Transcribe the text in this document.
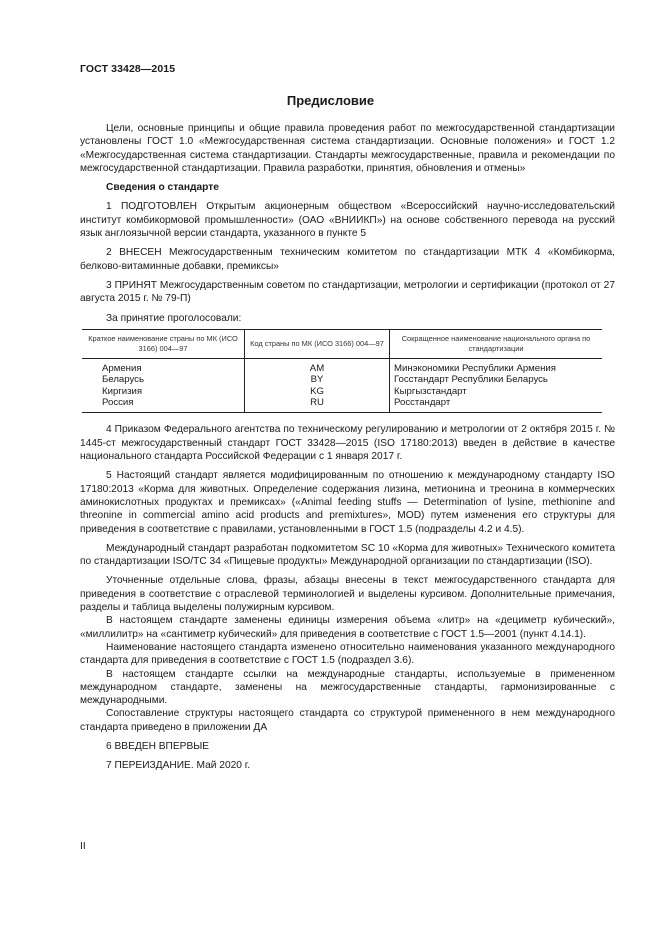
ГОСТ 33428—2015
Предисловие

Цели, основные принципы и общие правила проведения работ по межгосударственной стандартизации установлены ГОСТ 1.0 «Межгосударственная система стандартизации. Основные положения» и ГОСТ 1.2 «Межгосударственная система стандартизации. Стандарты межгосударственные, правила и рекомендации по межгосударственной стандартизации. Правила разработки, принятия, обновления и отмены»

Сведения о стандарте

1 ПОДГОТОВЛЕН Открытым акционерным обществом «Всероссийский научно-исследовательский институт комбикормовой промышленности» (ОАО «ВНИИКП») на основе собственного перевода на русский язык англоязычной версии стандарта, указанного в пункте 5

2 ВНЕСЕН Межгосударственным техническим комитетом по стандартизации МТК 4 «Комбикорма, белково-витаминные добавки, премиксы»

3 ПРИНЯТ Межгосударственным советом по стандартизации, метрологии и сертификации (протокол от 27 августа 2015 г. № 79-П)

За принятие проголосовали:

Краткое наименование страны по МК (ИСО 3166) 004—97	Код страны по МК (ИСО 3166) 004—97	Сокращенное наименование национального органа по стандартизации
Армения	AM	Минэкономики Республики Армения
Беларусь	BY	Госстандарт Республики Беларусь
Киргизия	KG	Кыргызстандарт
Россия	RU	Росстандарт

4 Приказом Федерального агентства по техническому регулированию и метрологии от 2 октября 2015 г. № 1445-ст межгосударственный стандарт ГОСТ 33428—2015 (ISO 17180:2013) введен в действие в качестве национального стандарта Российской Федерации с 1 января 2017 г.

5 Настоящий стандарт является модифицированным по отношению к международному стандарту ISO 17180:2013 «Корма для животных. Определение содержания лизина, метионина и треонина в коммерческих аминокислотных продуктах и премиксах» («Animal feeding stuffs — Determination of lysine, methionine and threonine in commercial amino acid products and premixtures», MOD) путем изменения его структуры для приведения в соответствие с правилами, установленными в ГОСТ 1.5 (подразделы 4.2 и 4.5).

Международный стандарт разработан подкомитетом SC 10 «Корма для животных» Технического комитета по стандартизации ISO/TC 34 «Пищевые продукты» Международной организации по стандартизации (ISO).

Уточненные отдельные слова, фразы, абзацы внесены в текст межгосударственного стандарта для приведения в соответствие с отраслевой терминологией и выделены курсивом. Дополнительные примечания, разделы и таблица выделены полужирным курсивом.

В настоящем стандарте заменены единицы измерения объема «литр» на «дециметр кубический», «миллилитр» на «сантиметр кубический» для приведения в соответствие с ГОСТ 1.5—2001 (пункт 4.14.1).

Наименование настоящего стандарта изменено относительно наименования указанного международного стандарта для приведения в соответствие с ГОСТ 1.5 (подраздел 3.6).

В настоящем стандарте ссылки на международные стандарты, используемые в примененном международном стандарте, заменены на межгосударственные стандарты, гармонизированные с международными.

Сопоставление структуры настоящего стандарта со структурой примененного в нем международного стандарта приведено в приложении ДА

6 ВВЕДЕН ВПЕРВЫЕ

7 ПЕРЕИЗДАНИЕ. Май 2020 г.

II
